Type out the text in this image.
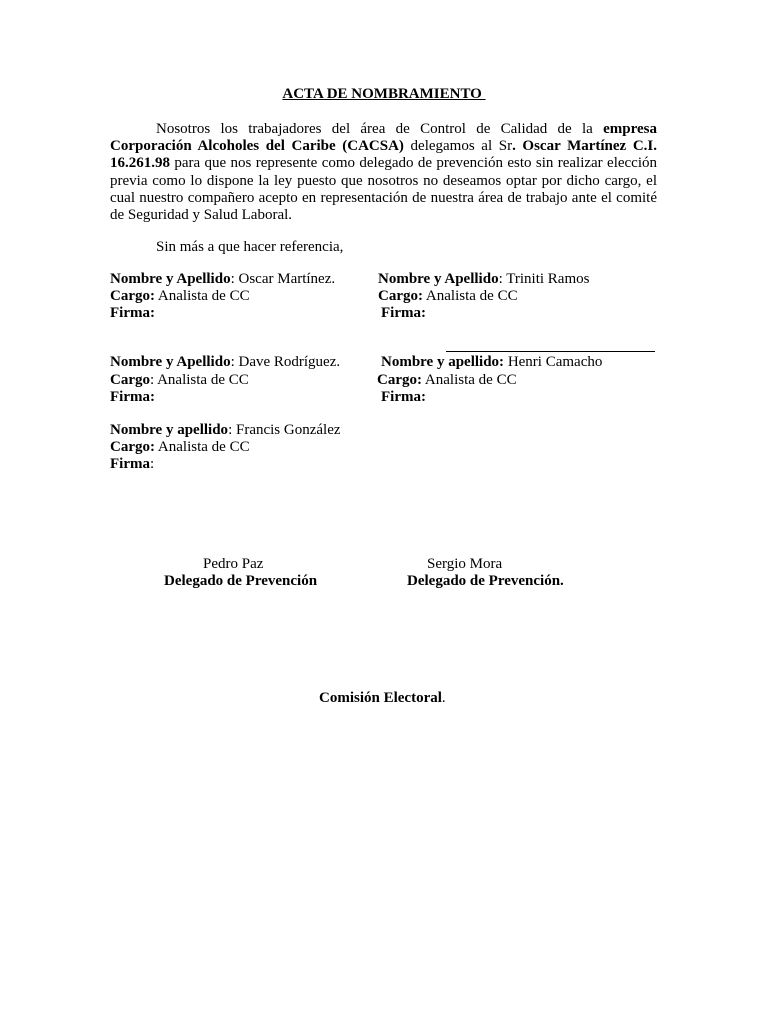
ACTA DE NOMBRAMIENTO
Nosotros los trabajadores del área de Control de Calidad de la empresa Corporación Alcoholes del Caribe (CACSA) delegamos al Sr. Oscar Martínez C.I. 16.261.98 para que nos represente como delegado de prevención esto sin realizar elección previa como lo dispone la ley puesto que nosotros no deseamos optar por dicho cargo, el cual nuestro compañero acepto en representación de nuestra área de trabajo ante el comité de Seguridad y Salud Laboral.
Sin más a que hacer referencia,
Nombre y Apellido: Oscar Martínez.
Cargo: Analista de CC
Firma:
Nombre y Apellido: Triniti Ramos
Cargo: Analista de CC
Firma:
Nombre y Apellido: Dave Rodríguez.
Cargo: Analista de CC
Firma:
Nombre y apellido: Henri Camacho
Cargo: Analista de CC
Firma:
Nombre y apellido: Francis González
Cargo: Analista de CC
Firma:
Pedro Paz
Delegado de Prevención
Sergio Mora
Delegado de Prevención.
Comisión Electoral.
